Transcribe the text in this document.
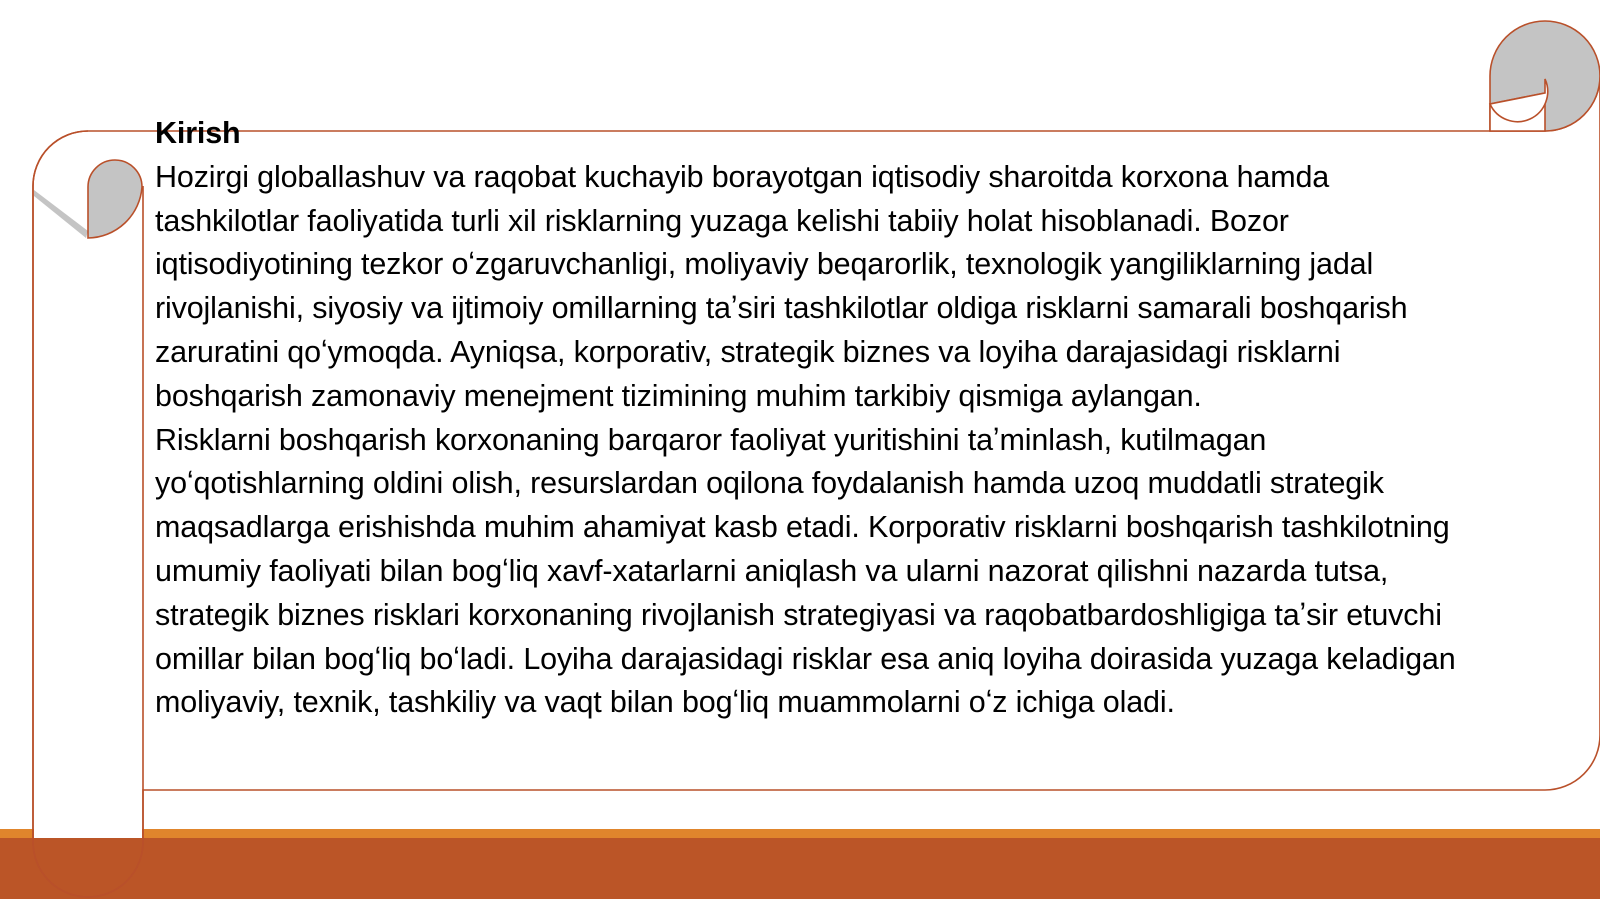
Kirish

Hozirgi globallashuv va raqobat kuchayib borayotgan iqtisodiy sharoitda korxona hamda tashkilotlar faoliyatida turli xil risklarning yuzaga kelishi tabiiy holat hisoblanadi. Bozor iqtisodiyotining tezkor oʻzgaruvchanligi, moliyaviy beqarorlik, texnologik yangiliklarning jadal rivojlanishi, siyosiy va ijtimoiy omillarning taʼsiri tashkilotlar oldiga risklarni samarali boshqarish zaruratini qoʻymoqda. Ayniqsa, korporativ, strategik biznes va loyiha darajasidagi risklarni boshqarish zamonaviy menejment tizimining muhim tarkibiy qismiga aylangan.

Risklarni boshqarish korxonaning barqaror faoliyat yuritishini taʼminlash, kutilmagan yoʻqotishlarning oldini olish, resurslardan oqilona foydalanish hamda uzoq muddatli strategik maqsadlarga erishishda muhim ahamiyat kasb etadi. Korporativ risklarni boshqarish tashkilotning umumiy faoliyati bilan bogʻliq xavf-xatarlarni aniqlash va ularni nazorat qilishni nazarda tutsa, strategik biznes risklari korxonaning rivojlanish strategiyasi va raqobatbardoshligiga taʼsir etuvchi omillar bilan bogʻliq boʻladi. Loyiha darajasidagi risklar esa aniq loyiha doirasida yuzaga keladigan moliyaviy, texnik, tashkiliy va vaqt bilan bogʻliq muammolarni oʻz ichiga oladi.
